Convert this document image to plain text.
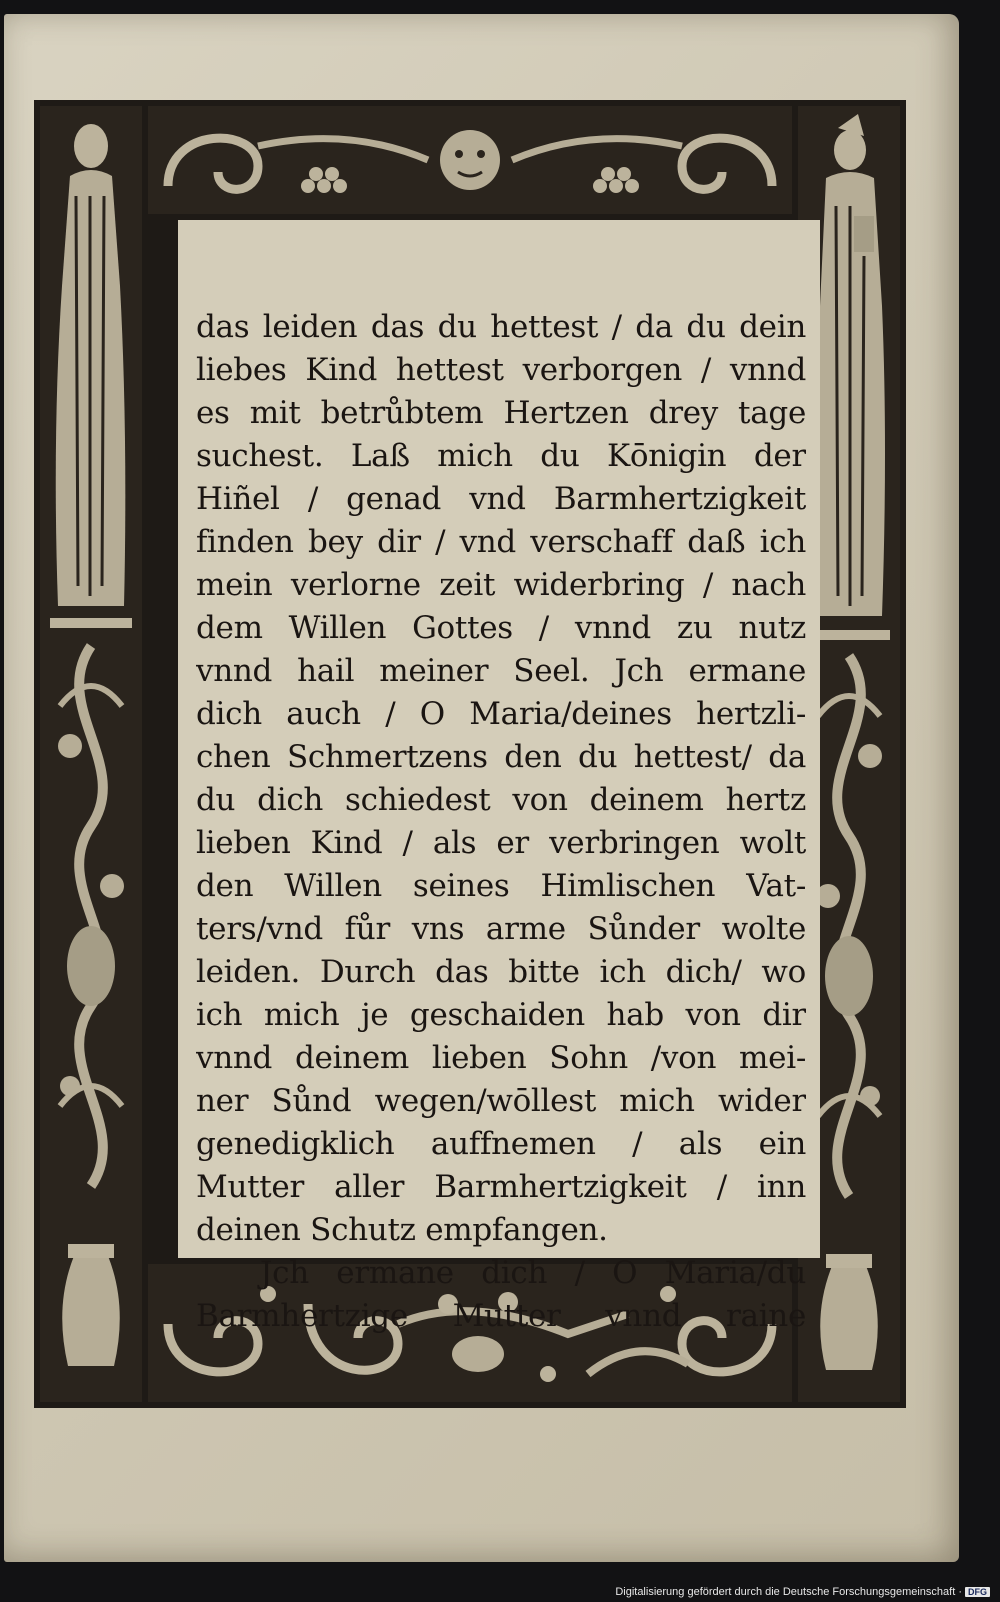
das leiden das du hettest / da du dein
liebes Kind hettest verborgen / vnnd
es mit betrůbtem Hertzen drey tage
suchest. Laß mich du Kōnigin der
Hiñel / genad vnd Barmhertzigkeit
finden bey dir / vnd verschaff daß ich
mein verlorne zeit widerbring / nach
dem Willen Gottes / vnnd zu nutz
vnnd hail meiner Seel. Jch ermane
dich auch / O Maria/deines hertzli-
chen Schmertzens den du hettest/ da
du dich schiedest von deinem hertz
lieben Kind / als er verbringen wolt
den Willen seines Himlischen Vat-
ters/vnd fůr vns arme Sůnder wolte
leiden. Durch das bitte ich dich/ wo
ich mich je geschaiden hab von dir
vnnd deinem lieben Sohn /von mei-
ner Sůnd wegen/wōllest mich wider
genedigklich auffnemen / als ein
Mutter aller Barmhertzigkeit / inn
deinen Schutz empfangen.
Jch ermane dich / O Maria/du
Barmhertzige Mutter vnnd raine
Digitalisierung gefördert durch die Deutsche Forschungsgemeinschaft · DFG
